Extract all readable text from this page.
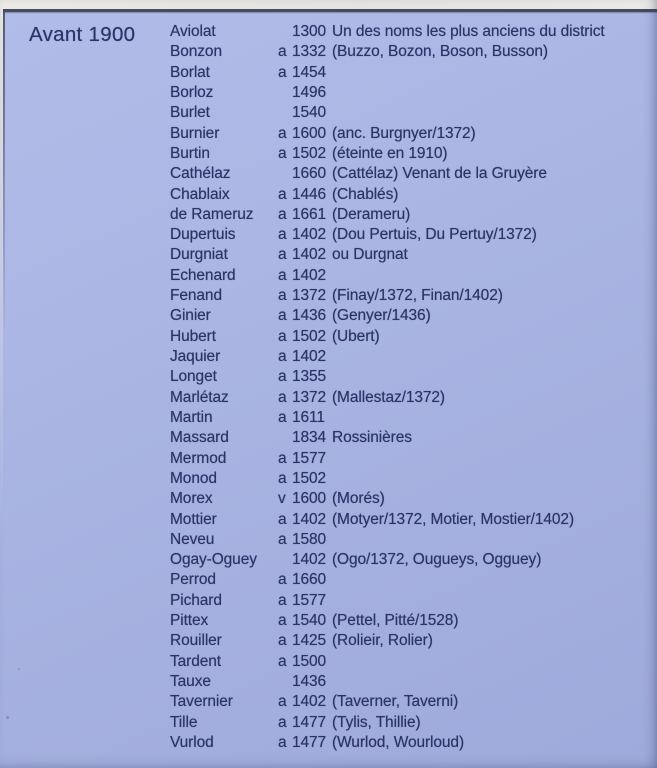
Avant 1900 Aviolat	1300 Un des noms les plus anciens du district
Bonzon	a 1332 (Buzzo, Bozon, Boson, Busson)
Borlat	a 1454
Borloz	1496
Burlet	1540
Burnier	a 1600 (anc. Burgnyer/1372)
Burtin	a 1502 (éteinte en 1910)
Cathélaz	1660 (Cattélaz) Venant de la Gruyère
Chablaix	a 1446 (Chablés)
de Rameruz	a 1661 (Derameru)
Dupertuis	a 1402 (Dou Pertuis, Du Pertuy/1372)
Durgniat	a 1402 ou Durgnat
Echenard	a 1402
Fenand	a 1372 (Finay/1372, Finan/1402)
Ginier	a 1436 (Genyer/1436)
Hubert	a 1502 (Ubert)
Jaquier	a 1402
Longet	a 1355
Marlétaz	a 1372 (Mallestaz/1372)
Martin	a 1611
Massard	1834 Rossinières
Mermod	a 1577
Monod	a 1502
Morex	v 1600 (Morés)
Mottier	a 1402 (Motyer/1372, Motier, Mostier/1402)
Neveu	a 1580
Ogay-Oguey	1402 (Ogo/1372, Ougueys, Ogguey)
Perrod	a 1660
Pichard	a 1577
Pittex	a 1540 (Pettel, Pitté/1528)
Rouiller	a 1425 (Rolieir, Rolier)
Tardent	a 1500
Tauxe	1436
Tavernier	a 1402 (Taverner, Taverni)
Tille	a 1477 (Tylis, Thillie)
Vurlod	a 1477 (Wurlod, Wourloud)
